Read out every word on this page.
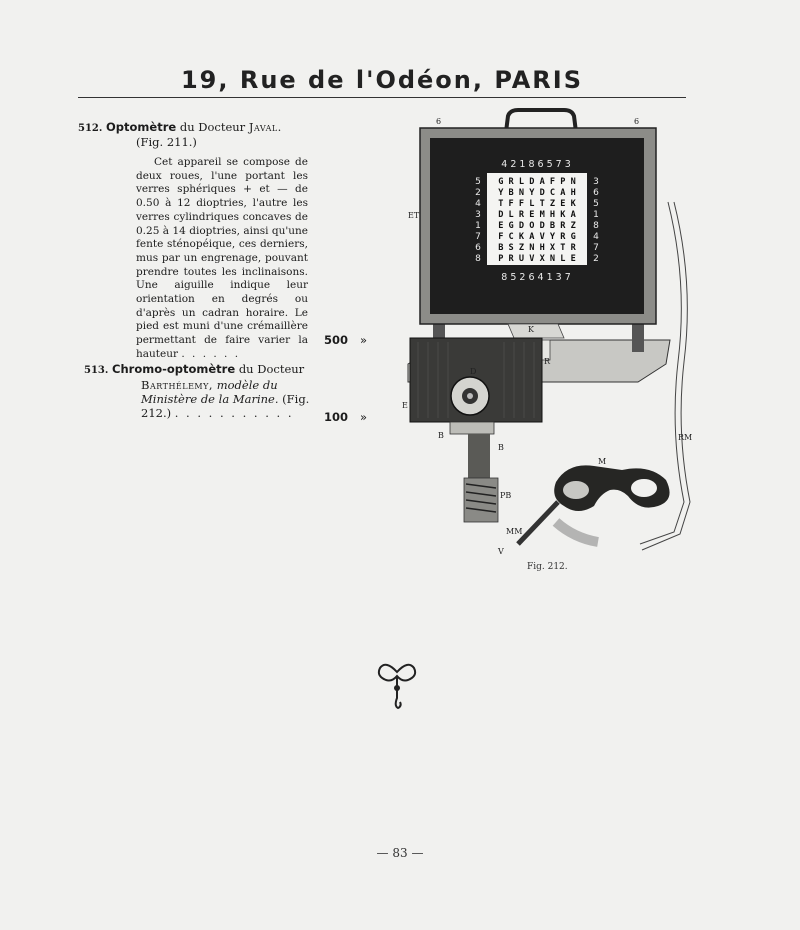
19, Rue de l'Odéon, PARIS
512. Optomètre du Docteur Javal.
(Fig. 211.)
Cet appareil se compose de deux roues, l'une portant les verres sphériques + et — de 0.50 à 12 dioptries, l'autre les verres cylindriques concaves de 0.25 à 14 dioptries, ainsi qu'une fente sténopéique, ces derniers, mus par un engrenage, pouvant prendre toutes les inclinaisons. Une aiguille indique leur orientation en degrés ou d'après un cadran horaire. Le pied est muni d'une crémaillère permettant de faire varier la hauteur . . . . . .
500 »
513. Chromo-optomètre du Docteur
Barthélemy, modèle du Ministère de la Marine. (Fig. 212.) . . . . . . . . . . .	100 »
4 2 1 8 6 5 7 3
8 5 2 6 4 1 3 7
G R L D A F P N
Y B N Y D C A H
T F F L T Z E K
D L R E M H K A
E G D O D B R Z
F C K A V Y R G
B S Z N H X T R
P R U V X N L E
5
2
4
3
1
7
6
8
3
6
5
1
8
4
7
2
6	6
ET
K
R
D
E
B
B
PB
RM
M
MM
V
Fig. 212.
— 83 —
